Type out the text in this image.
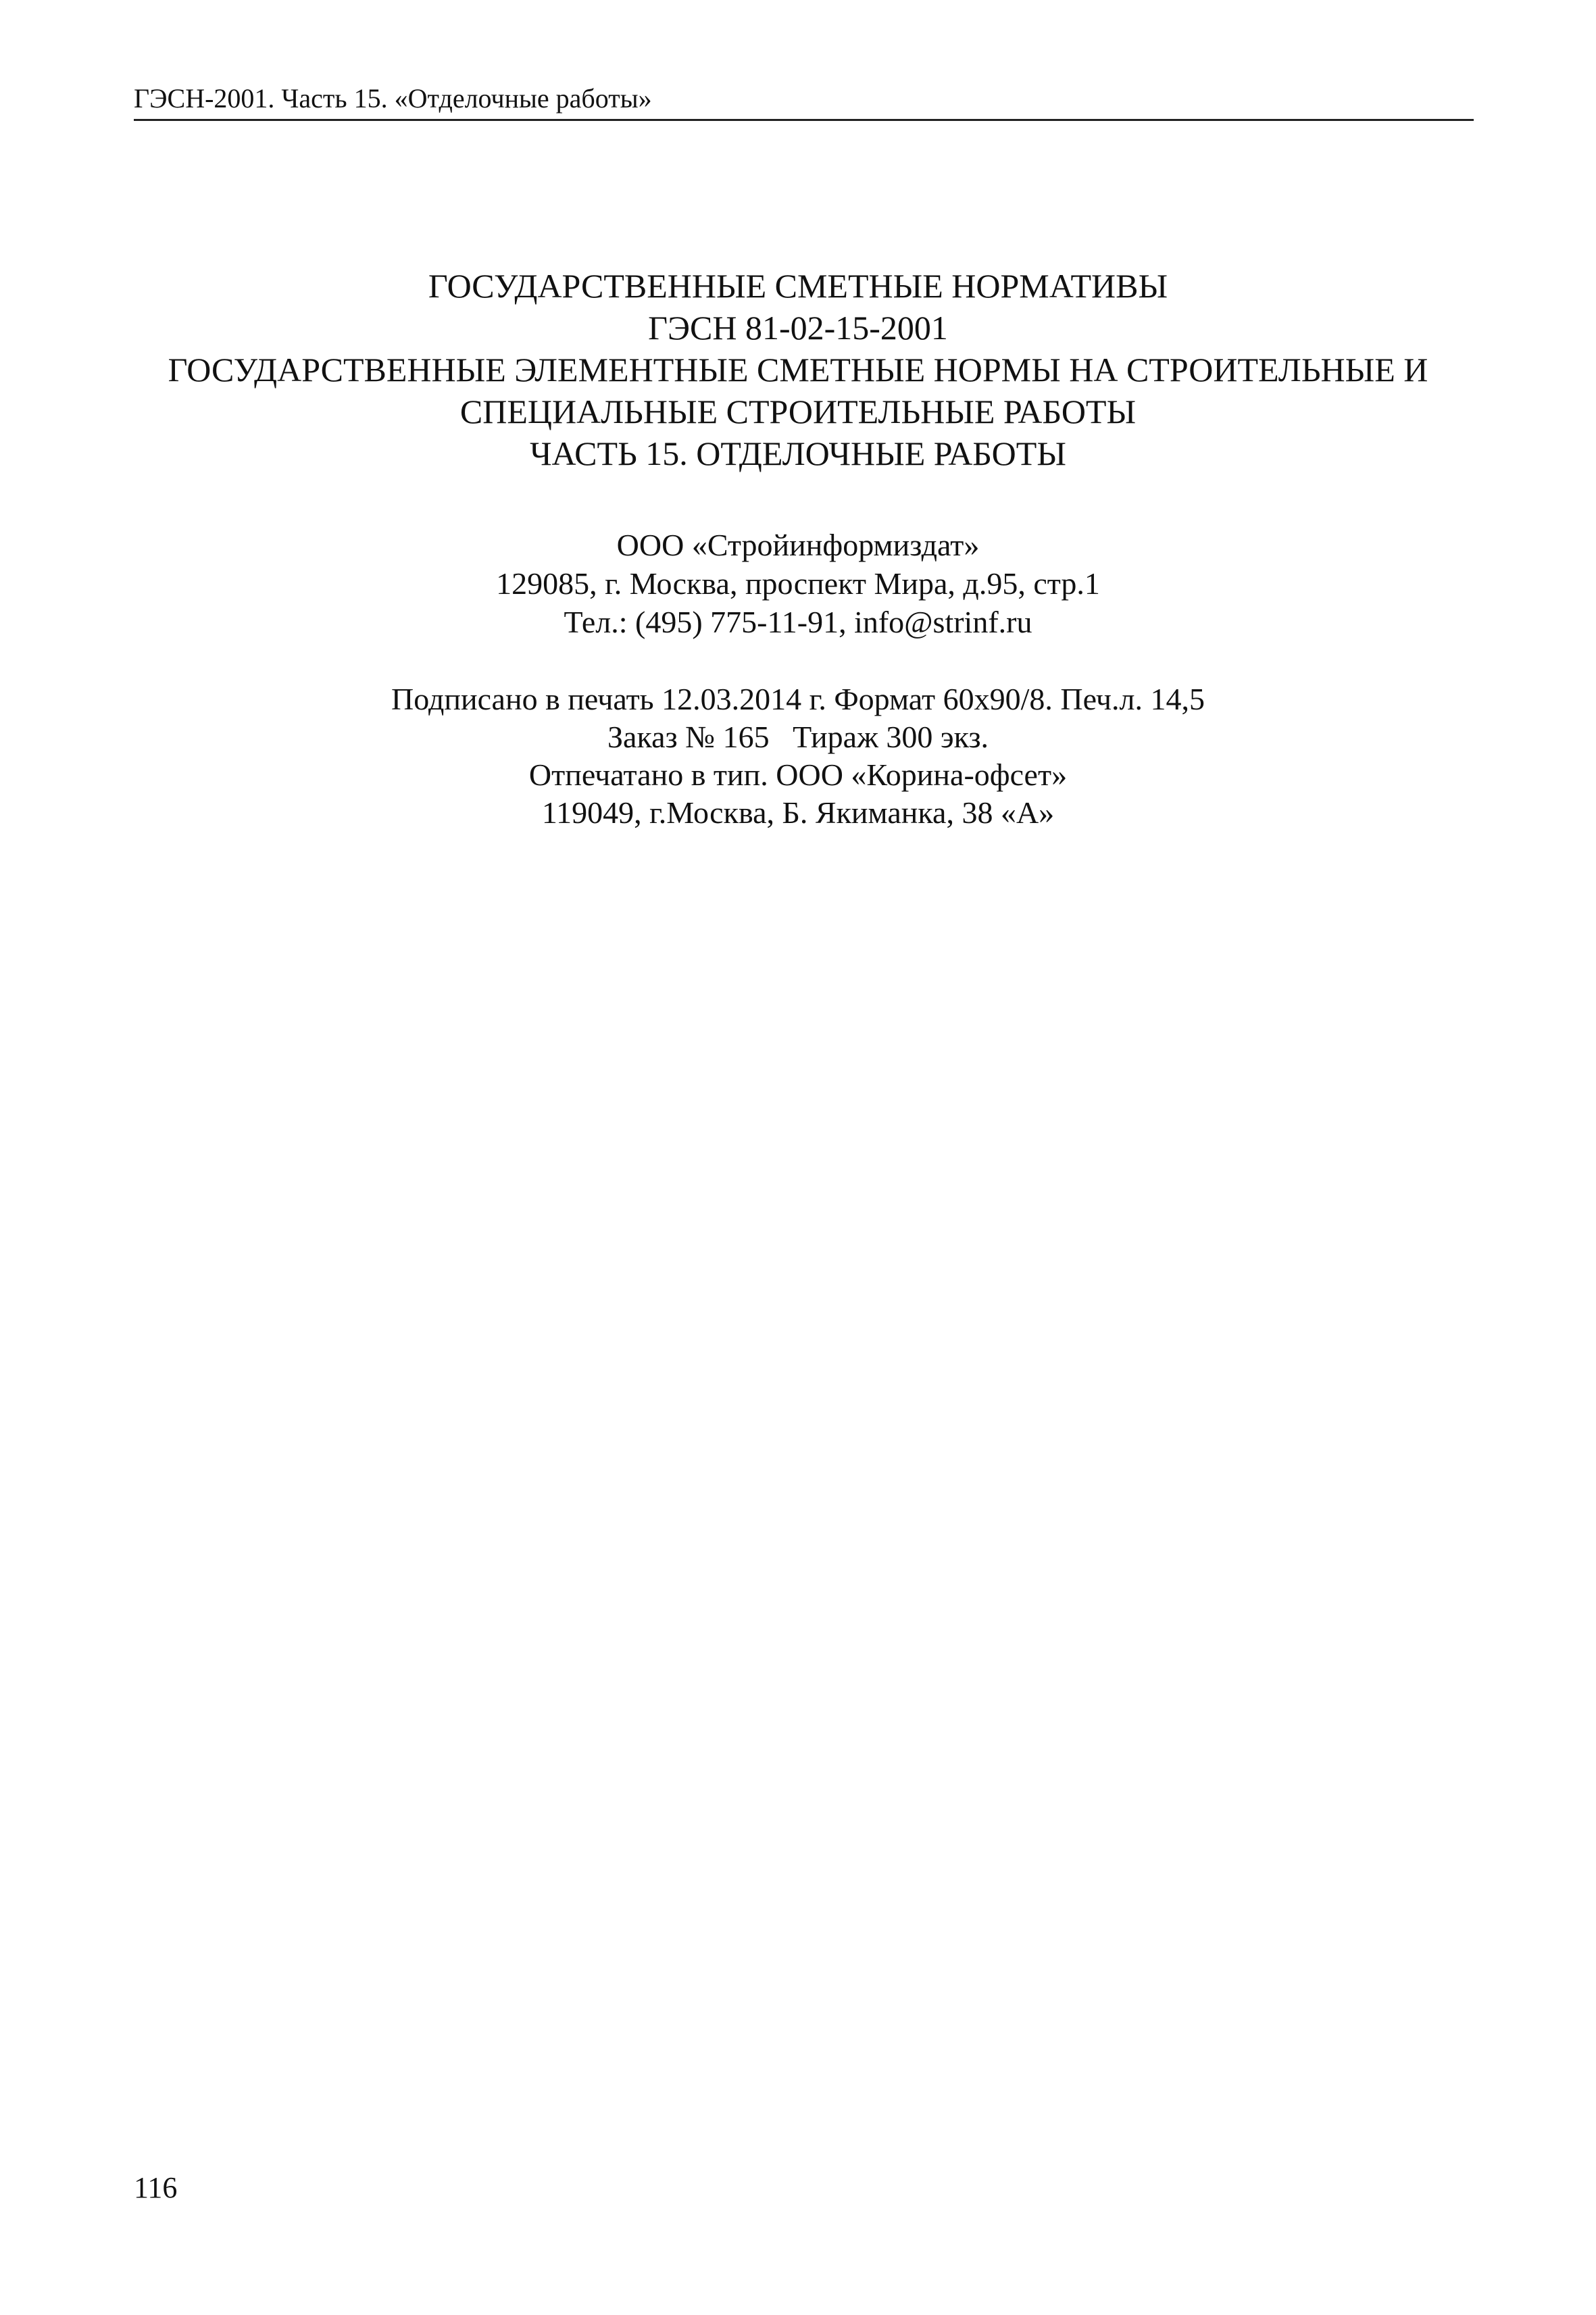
ГЭСН-2001. Часть 15. «Отделочные работы»
ГОСУДАРСТВЕННЫЕ СМЕТНЫЕ НОРМАТИВЫ
ГЭСН 81-02-15-2001
ГОСУДАРСТВЕННЫЕ ЭЛЕМЕНТНЫЕ СМЕТНЫЕ НОРМЫ НА СТРОИТЕЛЬНЫЕ И
СПЕЦИАЛЬНЫЕ СТРОИТЕЛЬНЫЕ РАБОТЫ
ЧАСТЬ 15. ОТДЕЛОЧНЫЕ РАБОТЫ
ООО «Стройинформиздат»
129085, г. Москва, проспект Мира, д.95, стр.1
Тел.: (495) 775-11-91, info@strinf.ru
Подписано в печать 12.03.2014 г. Формат 60х90/8. Печ.л. 14,5
Заказ № 165   Тираж 300 экз.
Отпечатано в тип. ООО «Корина-офсет»
119049, г.Москва, Б. Якиманка, 38 «А»
116
